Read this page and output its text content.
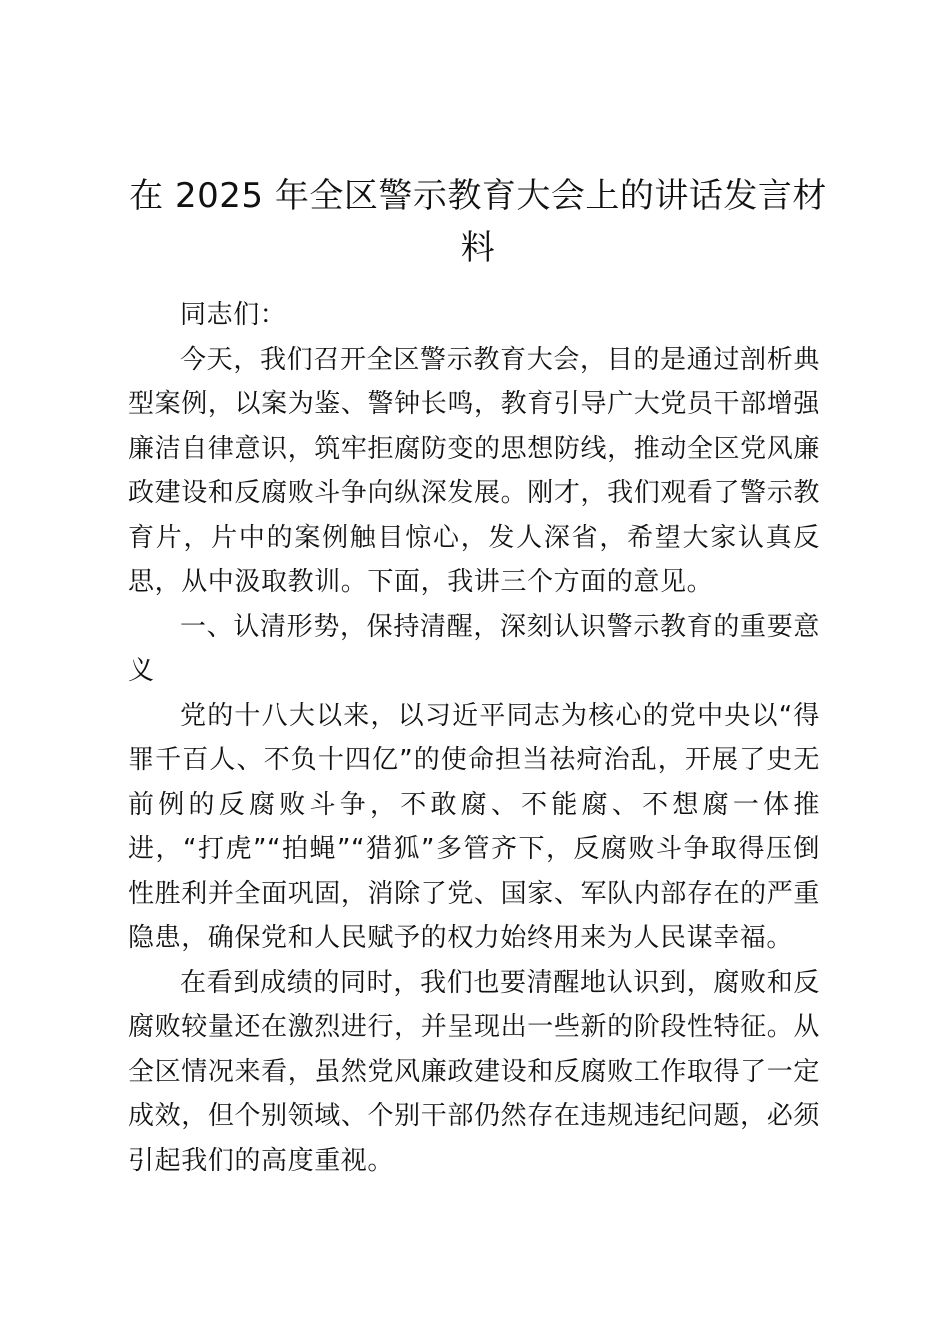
在 2025 年全区警示教育大会上的讲话发言材料

同志们：

今天，我们召开全区警示教育大会，目的是通过剖析典型案例，以案为鉴、警钟长鸣，教育引导广大党员干部增强廉洁自律意识，筑牢拒腐防变的思想防线，推动全区党风廉政建设和反腐败斗争向纵深发展。刚才，我们观看了警示教育片，片中的案例触目惊心，发人深省，希望大家认真反思，从中汲取教训。下面，我讲三个方面的意见。

一、认清形势，保持清醒，深刻认识警示教育的重要意义

党的十八大以来，以习近平同志为核心的党中央以“得罪千百人、不负十四亿”的使命担当祛疴治乱，开展了史无前例的反腐败斗争，不敢腐、不能腐、不想腐一体推进，“打虎”“拍蝇”“猎狐”多管齐下，反腐败斗争取得压倒性胜利并全面巩固，消除了党、国家、军队内部存在的严重隐患，确保党和人民赋予的权力始终用来为人民谋幸福。

在看到成绩的同时，我们也要清醒地认识到，腐败和反腐败较量还在激烈进行，并呈现出一些新的阶段性特征。从全区情况来看，虽然党风廉政建设和反腐败工作取得了一定成效，但个别领域、个别干部仍然存在违规违纪问题，必须引起我们的高度重视。
